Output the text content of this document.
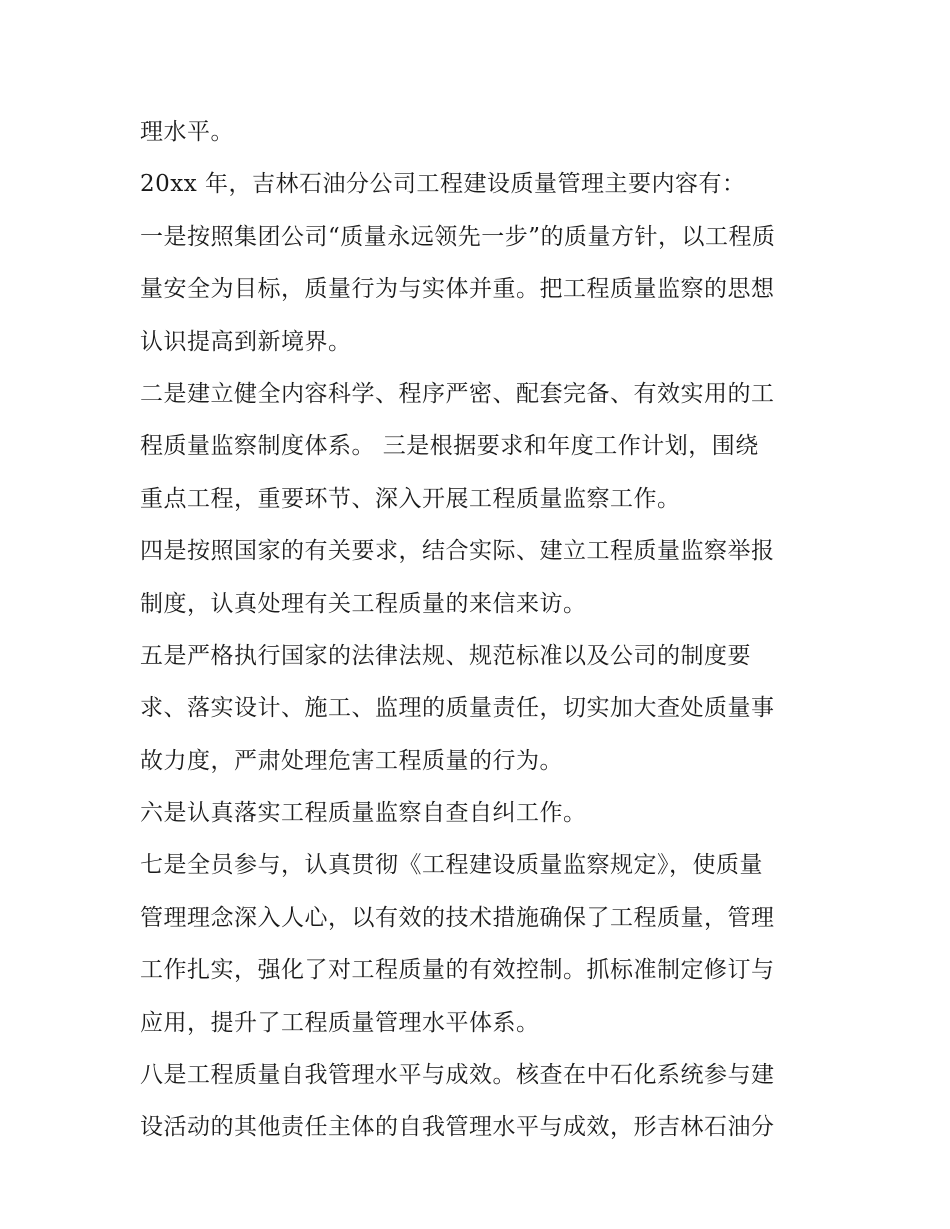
理水平。
20xx 年，吉林石油分公司工程建设质量管理主要内容有：
一是按照集团公司“质量永远领先一步”的质量方针，以工程质
量安全为目标，质量行为与实体并重。把工程质量监察的思想
认识提高到新境界。
二是建立健全内容科学、程序严密、配套完备、有效实用的工
程质量监察制度体系。 三是根据要求和年度工作计划，围绕
重点工程，重要环节、深入开展工程质量监察工作。
四是按照国家的有关要求，结合实际、建立工程质量监察举报
制度，认真处理有关工程质量的来信来访。
五是严格执行国家的法律法规、规范标准以及公司的制度要
求、落实设计、施工、监理的质量责任，切实加大查处质量事
故力度，严肃处理危害工程质量的行为。
六是认真落实工程质量监察自查自纠工作。
七是全员参与，认真贯彻《工程建设质量监察规定》，使质量
管理理念深入人心，以有效的技术措施确保了工程质量，管理
工作扎实，强化了对工程质量的有效控制。抓标准制定修订与
应用，提升了工程质量管理水平体系。
八是工程质量自我管理水平与成效。核查在中石化系统参与建
设活动的其他责任主体的自我管理水平与成效，形吉林石油分
